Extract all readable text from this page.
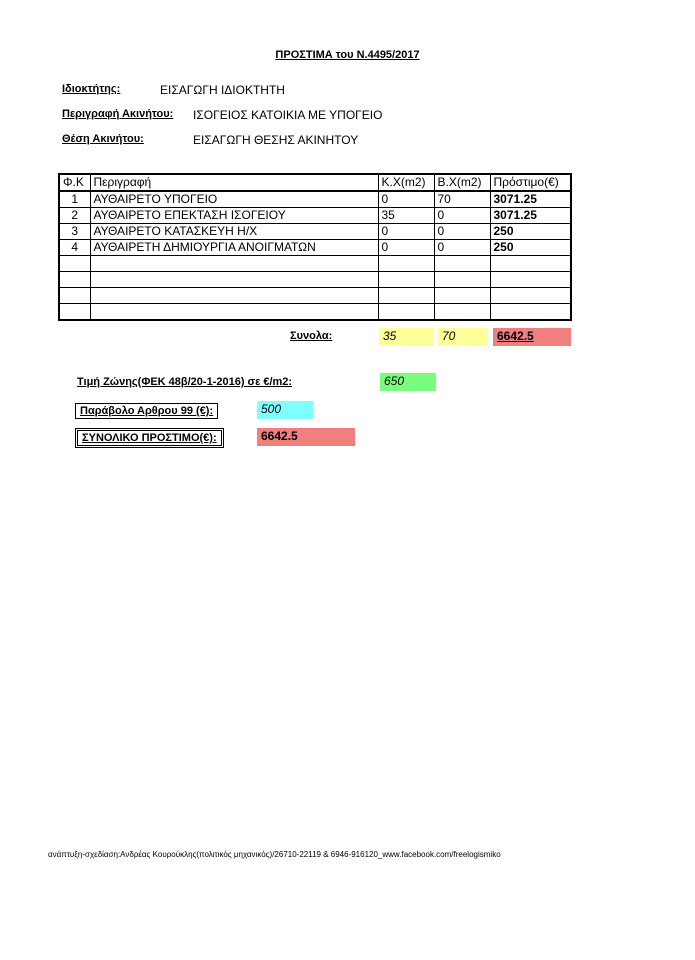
ΠΡΟΣΤΙΜΑ του Ν.4495/2017
Ιδιοκτήτης:	ΕΙΣΑΓΩΓΗ ΙΔΙΟΚΤΗΤΗ
Περιγραφή Ακινήτου: ΙΣΟΓΕΙΟΣ ΚΑΤΟΙΚΙΑ ΜΕ ΥΠΟΓΕΙΟ
Θέση Ακινήτου:	ΕΙΣΑΓΩΓΗ ΘΕΣΗΣ ΑΚΙΝΗΤΟΥ
Φ.Κ	Περιγραφή	Κ.Χ(m2)	Β.Χ(m2)	Πρόστιμο(€)
1	ΑΥΘΑΙΡΕΤΟ ΥΠΟΓΕΙΟ	0	70	3071.25
2	ΑΥΘΑΙΡΕΤΟ ΕΠΕΚΤΑΣΗ ΙΣΟΓΕΙΟΥ	35	0	3071.25
3	ΑΥΘΑΙΡΕΤΟ ΚΑΤΑΣΚΕΥΗ Η/Χ	0	0	250
4	ΑΥΘΑΙΡΕΤΗ ΔΗΜΙΟΥΡΓΙΑ ΑΝΟΙΓΜΑΤΩΝ	0	0	250

Συνολα:	35	70	6642.5
Τιμή Ζώνης(ΦΕΚ 48β/20-1-2016) σε €/m2:	650
Παράβολο Αρθρου 99 (€):	500
ΣΥΝΟΛΙΚΟ ΠΡΟΣΤΙΜΟ(€):	6642.5
ανάπτυξη-σχεδίαση:Ανδρέας Κουρούκλης(πολιτικός μηχανικός)/26710-22119 & 6946-916120_www.facebook.com/freelogismiko
